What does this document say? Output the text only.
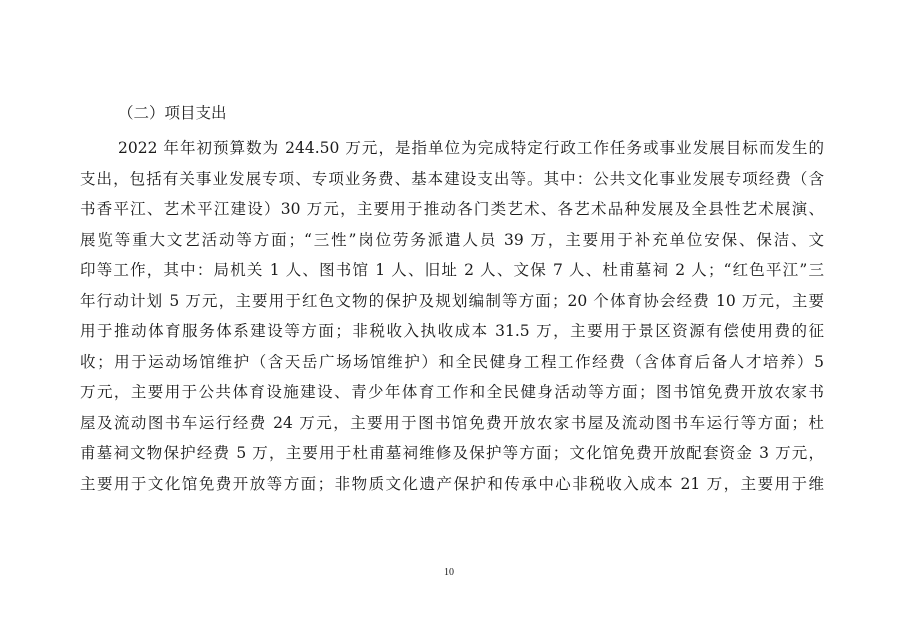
（二）项目支出
2022 年年初预算数为 244.50 万元，是指单位为完成特定行政工作任务或事业发展目标而发生的
支出，包括有关事业发展专项、专项业务费、基本建设支出等。其中：公共文化事业发展专项经费（含
书香平江、艺术平江建设）30 万元，主要用于推动各门类艺术、各艺术品种发展及全县性艺术展演、
展览等重大文艺活动等方面；“三性”岗位劳务派遣人员 39 万，主要用于补充单位安保、保洁、文
印等工作，其中：局机关 1 人、图书馆 1 人、旧址 2 人、文保 7 人、杜甫墓祠 2 人；“红色平江”三
年行动计划 5 万元，主要用于红色文物的保护及规划编制等方面；20 个体育协会经费 10 万元，主要
用于推动体育服务体系建设等方面；非税收入执收成本 31.5 万，主要用于景区资源有偿使用费的征
收；用于运动场馆维护（含天岳广场场馆维护）和全民健身工程工作经费（含体育后备人才培养）5
万元，主要用于公共体育设施建设、青少年体育工作和全民健身活动等方面；图书馆免费开放农家书
屋及流动图书车运行经费 24 万元，主要用于图书馆免费开放农家书屋及流动图书车运行等方面；杜
甫墓祠文物保护经费 5 万，主要用于杜甫墓祠维修及保护等方面；文化馆免费开放配套资金 3 万元，
主要用于文化馆免费开放等方面；非物质文化遗产保护和传承中心非税收入成本 21 万，主要用于维
10
